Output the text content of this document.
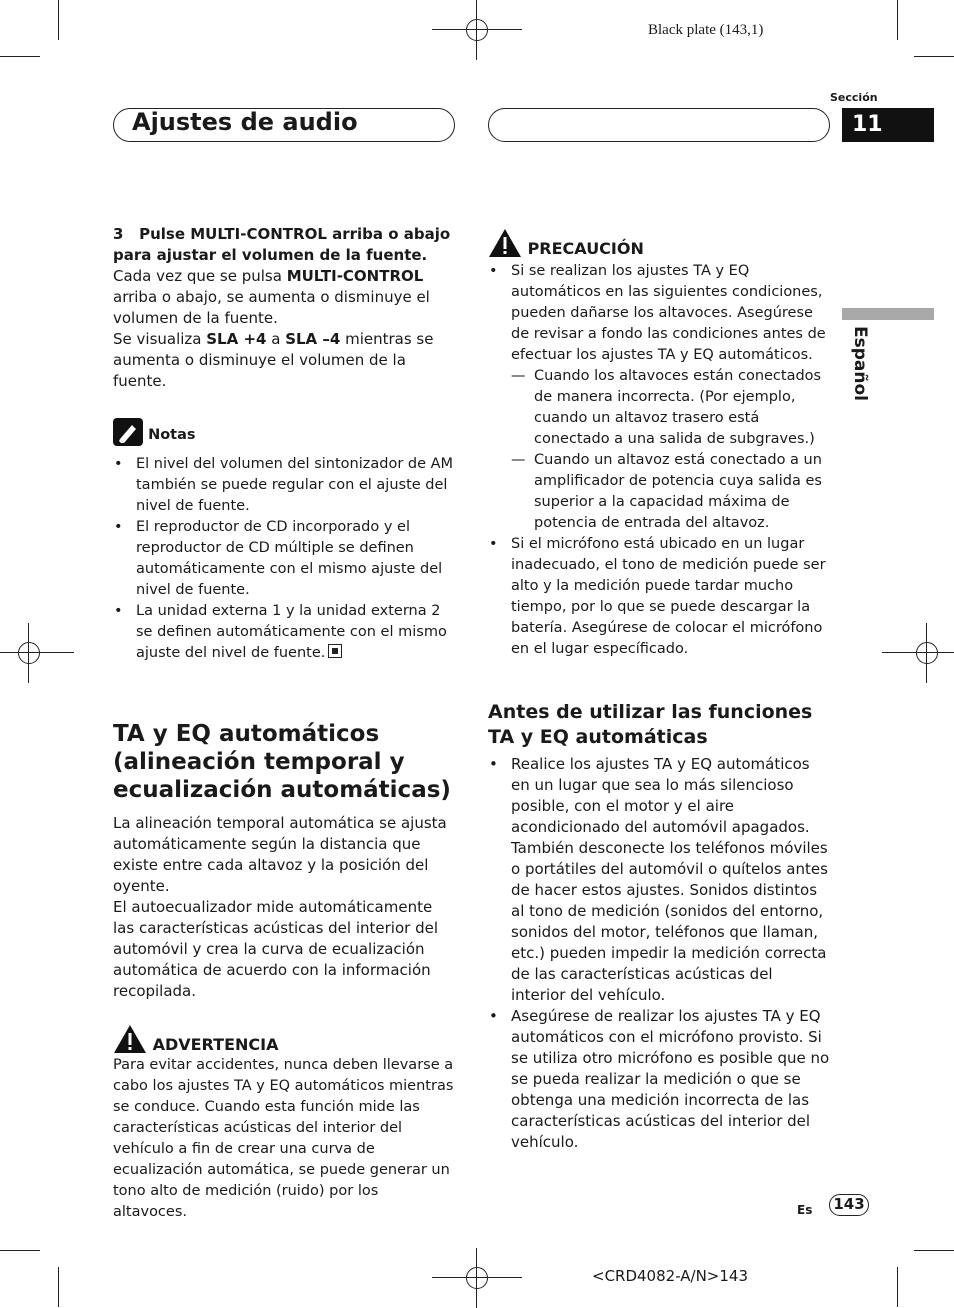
Black plate (143,1)
Ajustes de audio
Sección
11
Español

3 Pulse MULTI-CONTROL arriba o abajo para ajustar el volumen de la fuente.

Cada vez que se pulsa MULTI-CONTROL arriba o abajo, se aumenta o disminuye el volumen de la fuente.

Se visualiza SLA +4 a SLA –4 mientras se aumenta o disminuye el volumen de la fuente.

Notas
• El nivel del volumen del sintonizador de AM también se puede regular con el ajuste del nivel de fuente.
• El reproductor de CD incorporado y el reproductor de CD múltiple se definen automáticamente con el mismo ajuste del nivel de fuente.
• La unidad externa 1 y la unidad externa 2 se definen automáticamente con el mismo ajuste del nivel de fuente.
TA y EQ automáticos (alineación temporal y ecualización automáticas)

La alineación temporal automática se ajusta automáticamente según la distancia que existe entre cada altavoz y la posición del oyente.

El autoecualizador mide automáticamente las características acústicas del interior del automóvil y crea la curva de ecualización automática de acuerdo con la información recopilada.

ADVERTENCIA

Para evitar accidentes, nunca deben llevarse a cabo los ajustes TA y EQ automáticos mientras se conduce. Cuando esta función mide las características acústicas del interior del vehículo a fin de crear una curva de ecualización automática, se puede generar un tono alto de medición (ruido) por los altavoces.

PRECAUCIÓN
• Si se realizan los ajustes TA y EQ automáticos en las siguientes condiciones, pueden dañarse los altavoces. Asegúrese de revisar a fondo las condiciones antes de efectuar los ajustes TA y EQ automáticos.
— Cuando los altavoces están conectados de manera incorrecta. (Por ejemplo, cuando un altavoz trasero está conectado a una salida de subgraves.)
— Cuando un altavoz está conectado a un amplificador de potencia cuya salida es superior a la capacidad máxima de potencia de entrada del altavoz.
• Si el micrófono está ubicado en un lugar inadecuado, el tono de medición puede ser alto y la medición puede tardar mucho tiempo, por lo que se puede descargar la batería. Asegúrese de colocar el micrófono en el lugar específicado.
Antes de utilizar las funciones TA y EQ automáticas
• Realice los ajustes TA y EQ automáticos en un lugar que sea lo más silencioso posible, con el motor y el aire acondicionado del automóvil apagados. También desconecte los teléfonos móviles o portátiles del automóvil o quítelos antes de hacer estos ajustes. Sonidos distintos al tono de medición (sonidos del entorno, sonidos del motor, teléfonos que llaman, etc.) pueden impedir la medición correcta de las características acústicas del interior del vehículo.
• Asegúrese de realizar los ajustes TA y EQ automáticos con el micrófono provisto. Si se utiliza otro micrófono es posible que no se pueda realizar la medición o que se obtenga una medición incorrecta de las características acústicas del interior del vehículo.
Es 143
<CRD4082-A/N>143
